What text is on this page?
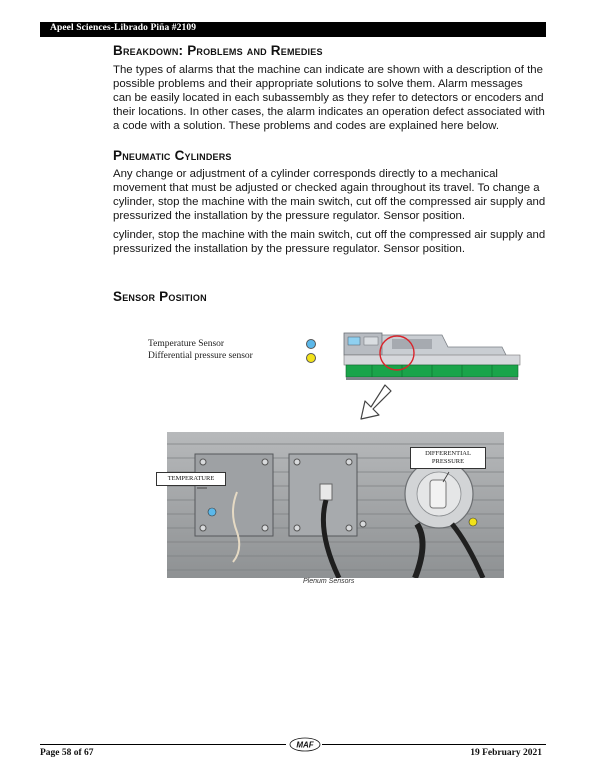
Apeel Sciences-Librado Piña #2109
Breakdown: Problems and Remedies
The types of alarms that the machine can indicate are shown with a description of the
possible problems and their appropriate solutions to solve them. Alarm messages
can be easily located in each subassembly as they refer to detectors or encoders and
their locations. In other cases, the alarm indicates an operation defect associated with
a code with a solution. These problems and codes are explained here below.
Pneumatic Cylinders
Any change or adjustment of a cylinder corresponds directly to a mechanical
movement that must be adjusted or checked again throughout its travel. To change a
cylinder, stop the machine with the main switch, cut off the compressed air supply and
pressurized the installation by the pressure regulator. Sensor position.
cylinder, stop the machine with the main switch, cut off the compressed air supply and
pressurized the installation by the pressure regulator. Sensor position.
Sensor Position
Temperature Sensor
Differential pressure sensor
TEMPERATURE
DIFFERENTIAL
PRESSURE
Plenum Sensors
Page 58 of 67
MAF
19 February 2021
